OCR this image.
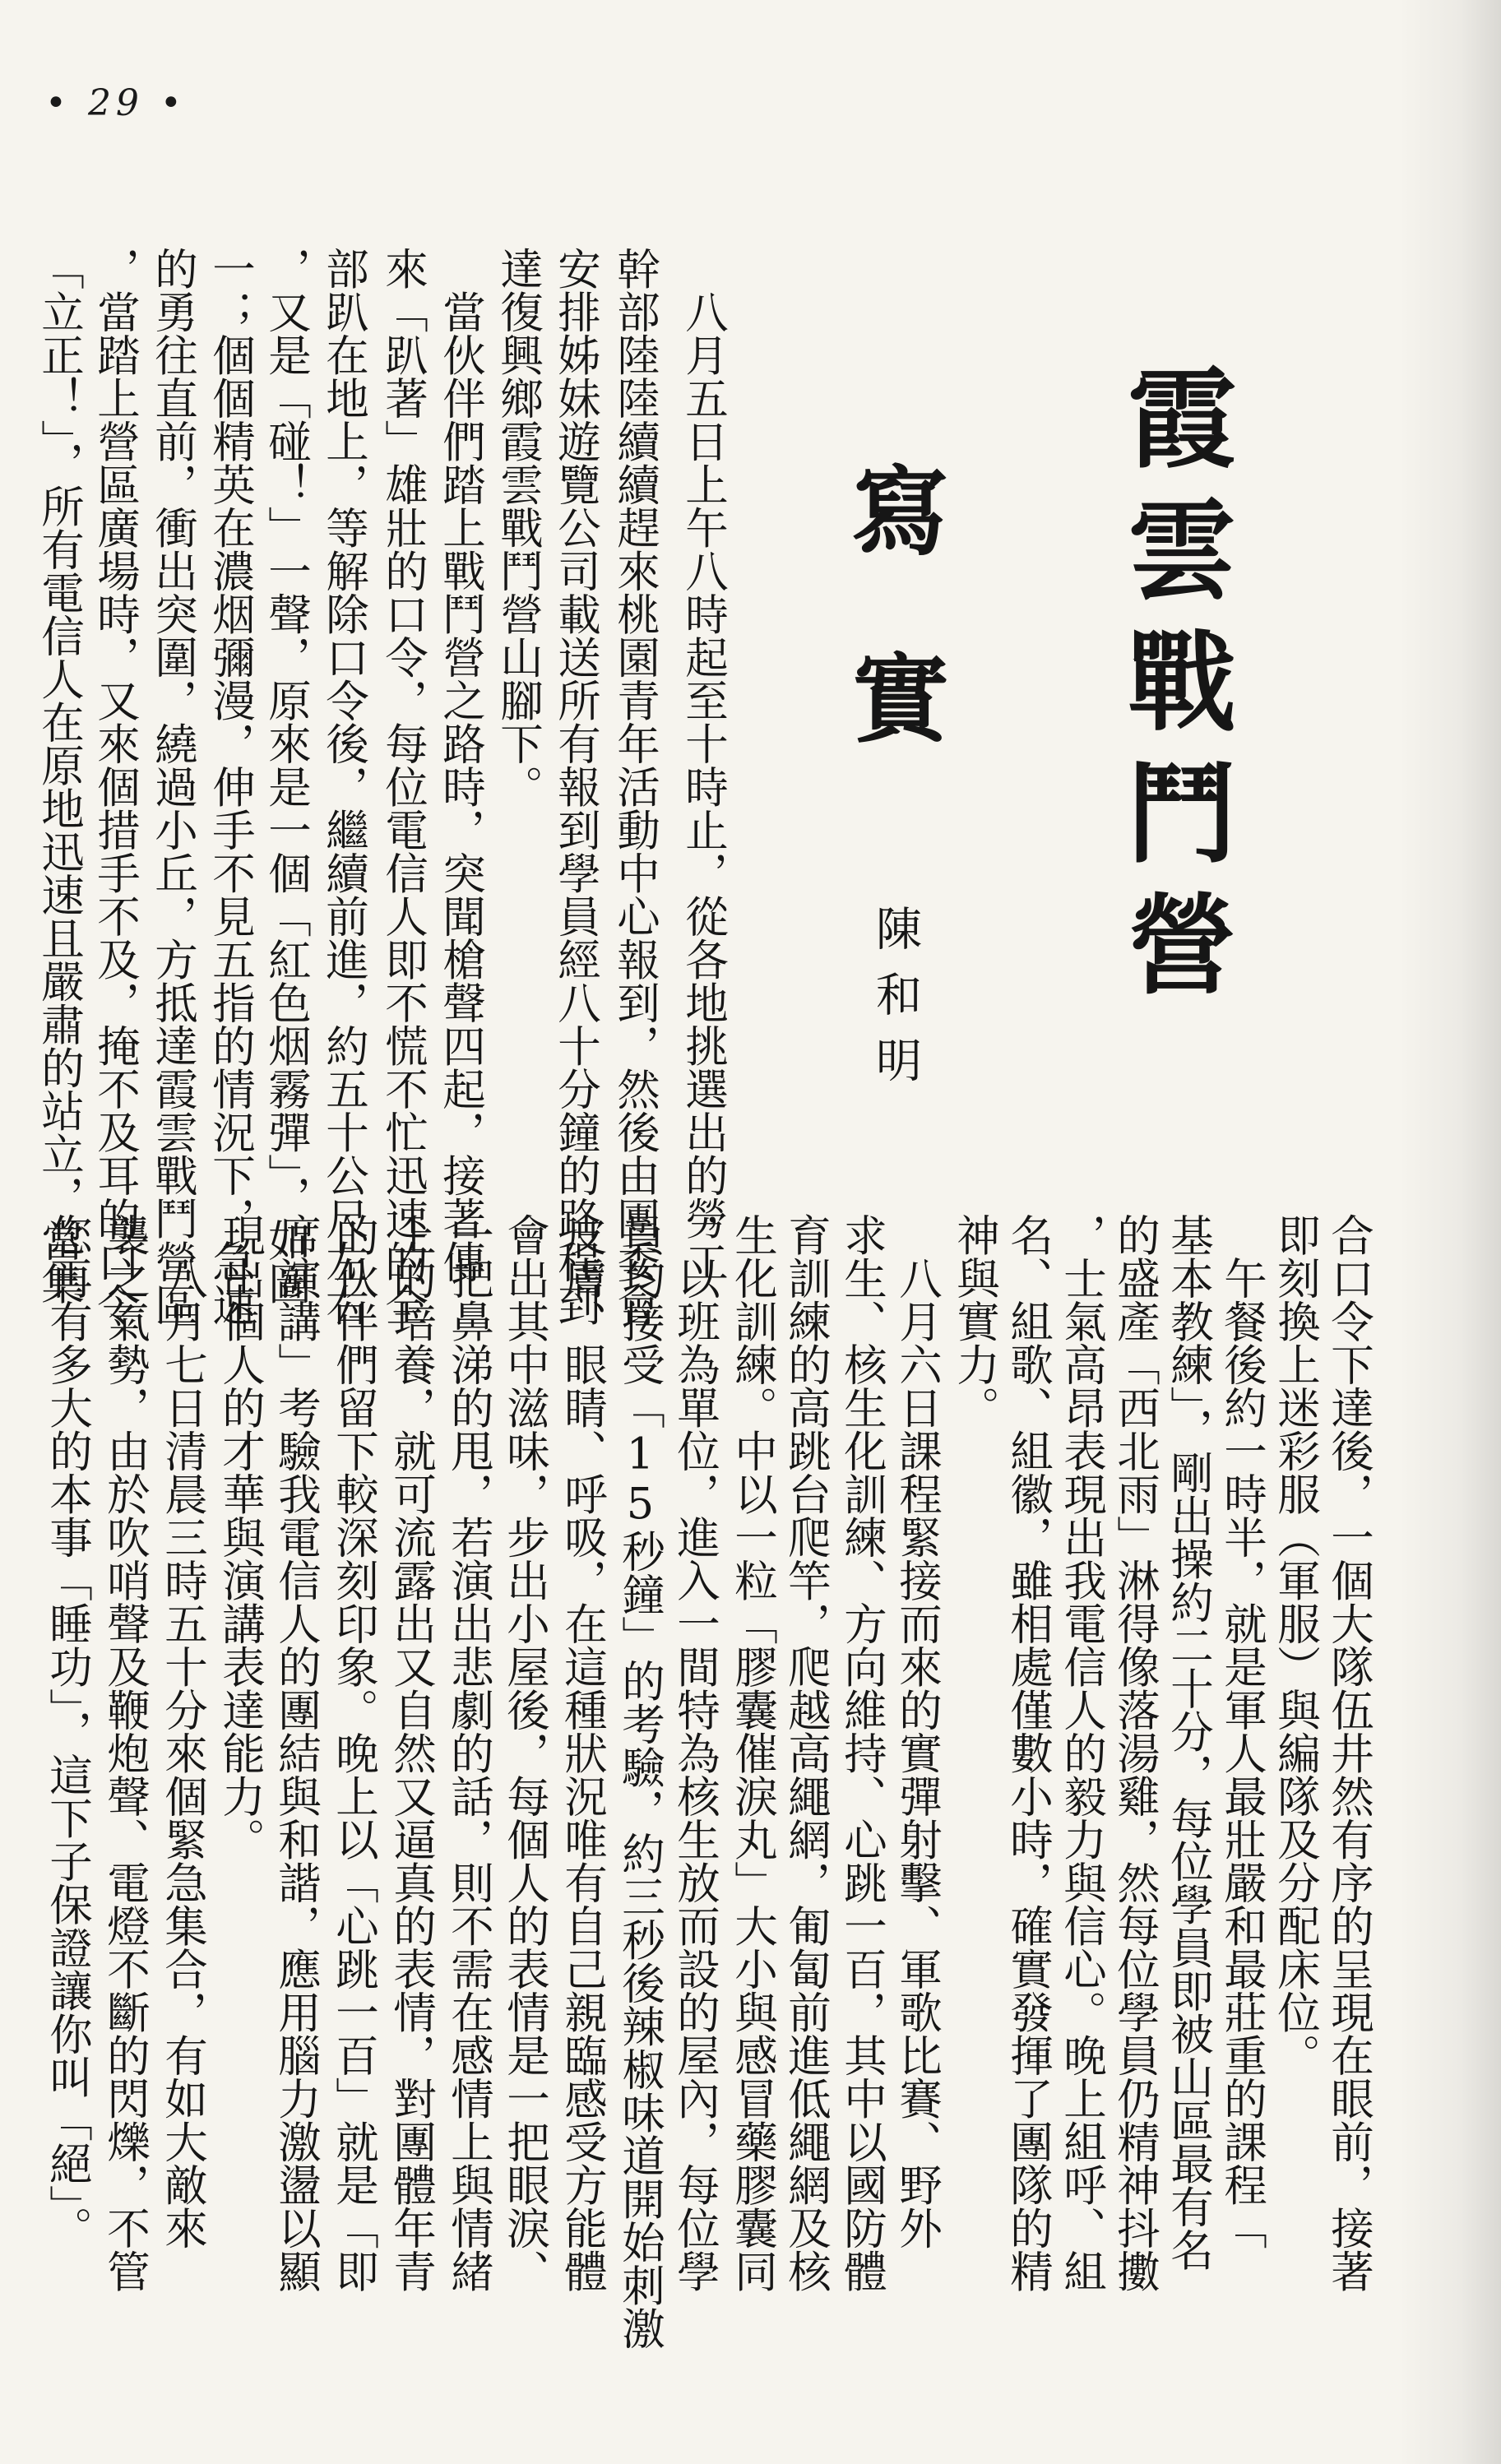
• 29 •
霞雲戰鬥營
寫實
陳和明
　八月五日上午八時起至十時止，從各地挑選出的勞工
幹部陸陸續續趕來桃園青年活動中心報到，然後由團委會
安排姊妹遊覽公司載送所有報到學員經八十分鐘的路程到
達復興鄉霞雲戰鬥營山腳下。
　當伙伴們踏上戰鬥營之路時，突聞槍聲四起，接著傳
來「趴著」雄壯的口令，每位電信人即不慌不忙迅速的全
部趴在地上，等解除口令後，繼續前進，約五十公尺左右
，又是「碰！」一聲，原來是一個「紅色烟霧彈」，如圖
一；個個精英在濃烟彌漫，伸手不見五指的情況下，急速
的勇往直前，衝出突圍，繞過小丘，方抵達霞雲戰鬥營區
，當踏上營區廣場時，又來個措手不及，掩不及耳的口令
「立正！」，所有電信人在原地迅速且嚴肅的站立，當集
合口令下達後，一個大隊伍井然有序的呈現在眼前，接著
即刻換上迷彩服（軍服）與編隊及分配床位。
　午餐後約一時半，就是軍人最壯嚴和最莊重的課程「
基本教練」，剛出操約二十分，每位學員即被山區最有名
的盛產「西北雨」淋得像落湯雞，然每位學員仍精神抖擻
，士氣高昂表現出我電信人的毅力與信心。晚上組呼、組
名、組歌、組徽，雖相處僅數小時，確實發揮了團隊的精
神與實力。
　八月六日課程緊接而來的實彈射擊、軍歌比賽、野外
求生、核生化訓練、方向維持、心跳一百，其中以國防體
育訓練的高跳台爬竿，爬越高繩網，匍匐前進低繩網及核
生化訓練。中以一粒「膠囊催淚丸」大小與感冒藥膠囊同
，以班為單位，進入一間特為核生放而設的屋內，每位學
員均接受「15秒鐘」的考驗，約三秒後辣椒味道開始刺激
皮膚、眼睛、呼吸，在這種狀況唯有自己親臨感受方能體
會出其中滋味，步出小屋後，每個人的表情是一把眼淚、
一把鼻涕的甩，若演出悲劇的話，則不需在感情上與情緒
上的培養，就可流露出又自然又逼真的表情，對團體年青
的伙伴們留下較深刻印象。晚上以「心跳一百」就是「即
席演講」考驗我電信人的團結與和諧，應用腦力激盪以顯
現出個人的才華與演講表達能力。
　八月七日清晨三時五十分來個緊急集合，有如大敵來
襲之氣勢，由於吹哨聲及鞭炮聲、電燈不斷的閃爍，不管
您再有多大的本事「睡功」，這下子保證讓你叫「絕」。
